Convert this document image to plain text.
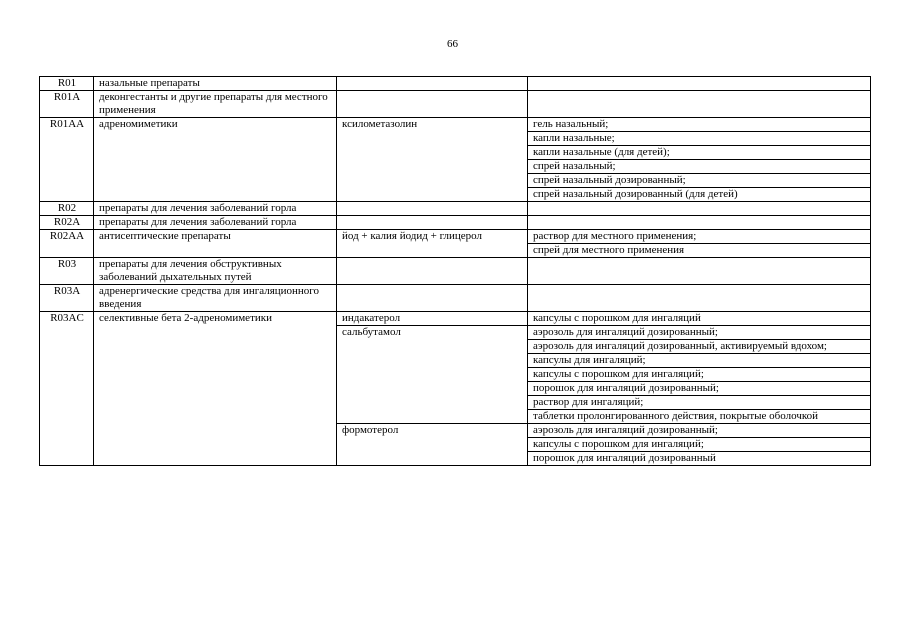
66
R01	назальные препараты		
R01A	деконгестанты и другие препараты для местного применения		
R01AA	адреномиметики	ксилометазолин	гель назальный;
			капли назальные;
			капли назальные (для детей);
			спрей назальный;
			спрей назальный дозированный;
			спрей назальный дозированный (для детей)
R02	препараты для лечения заболеваний горла		
R02A	препараты для лечения заболеваний горла		
R02AA	антисептические препараты	йод + калия йодид + глицерол	раствор для местного применения;
			спрей для местного применения
R03	препараты для лечения обструктивных заболеваний дыхательных путей		
R03A	адренергические средства для ингаляционного введения		
R03AC	селективные бета 2-адреномиметики	индакатерол	капсулы с порошком для ингаляций
		сальбутамол	аэрозоль для ингаляций дозированный;
			аэрозоль для ингаляций дозированный, активируемый вдохом;
			капсулы для ингаляций;
			капсулы с порошком для ингаляций;
			порошок для ингаляций дозированный;
			раствор для ингаляций;
			таблетки пролонгированного действия, покрытые оболочкой
		формотерол	аэрозоль для ингаляций дозированный;
			капсулы с порошком для ингаляций;
			порошок для ингаляций дозированный
